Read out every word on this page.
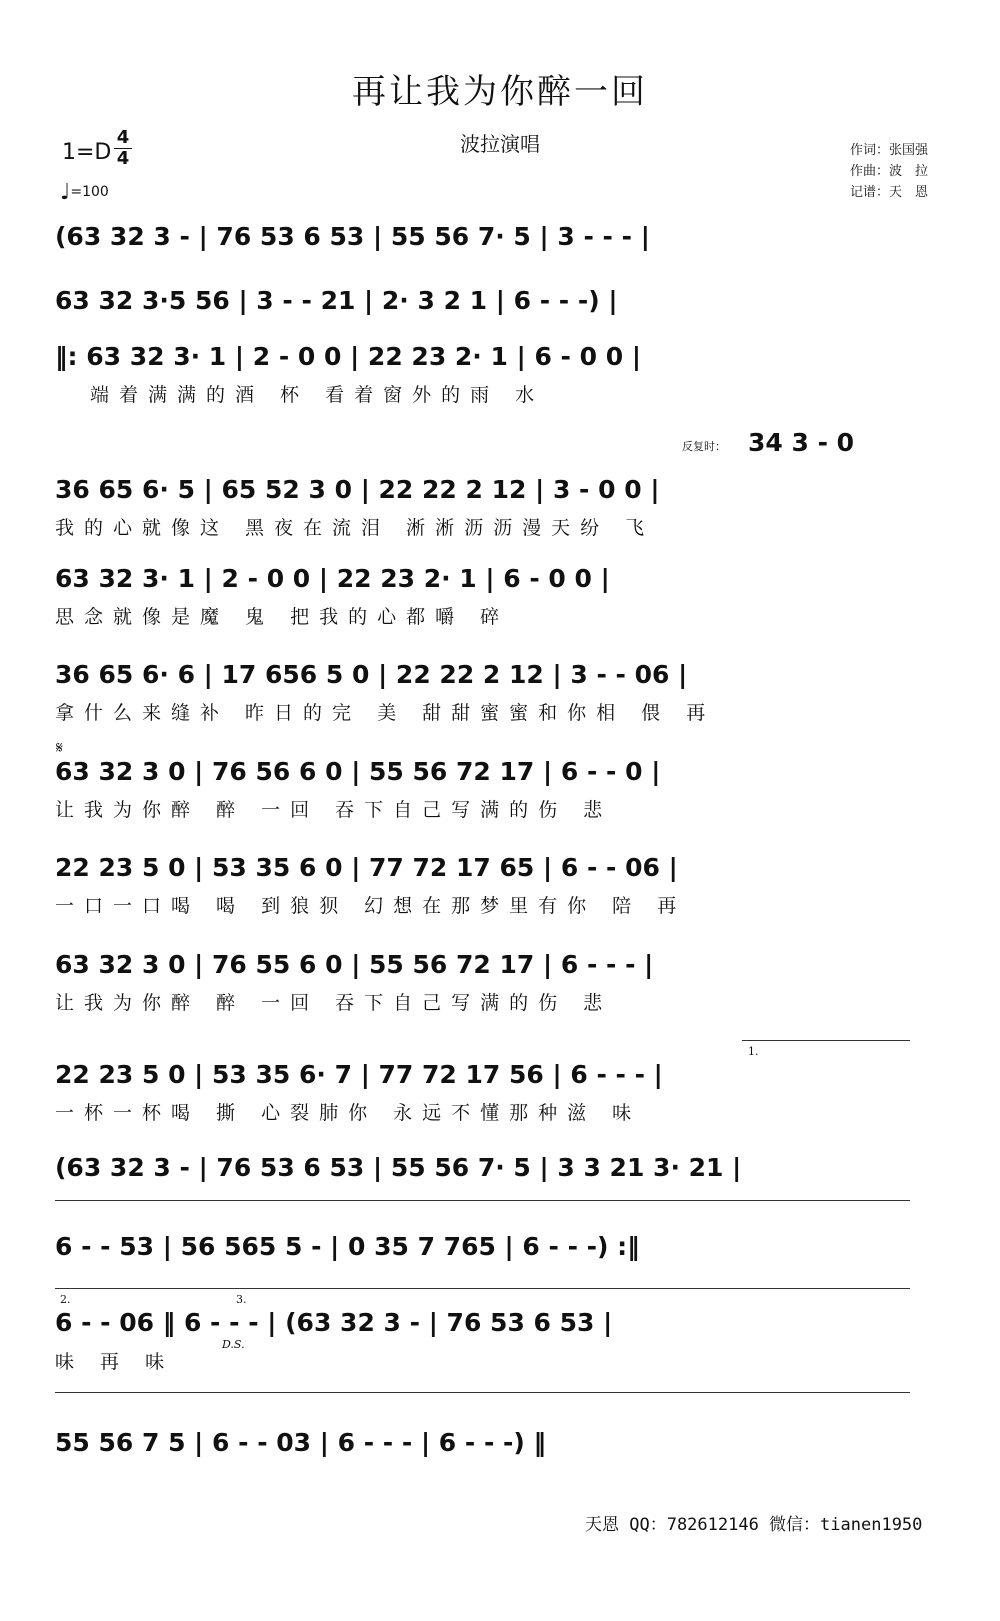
再让我为你醉一回
波拉演唱
$1=D \frac{4}{4}$
♩=100
作词：张国强
作曲：波　拉
记谱：天　恩
(63 32 3 - | 76 53 6 53 | 55 56 7· 5 | 3 - - - |
63 32 3·5 56 | 3 - - 21 | 2· 3 2 1 | 6 - - -) |
‖: 63 32 3· 1 | 2 - 0 0 | 22 23 2· 1 | 6 - 0 0 |
端着满满的酒 杯 看着窗外的雨 水
反复时： 34 3 - 0
36 65 6· 5 | 65 52 3 0 | 22 22 2 12 | 3 - 0 0 |
我的心就像这 黑夜在流泪 淅淅沥沥漫天纷 飞
63 32 3· 1 | 2 - 0 0 | 22 23 2· 1 | 6 - 0 0 |
思念就像是魔 鬼 把我的心都嚼 碎
36 65 6· 6 | 17 656 5 0 | 22 22 2 12 | 3 - - 06 |
拿什么来缝补 昨日的完 美 甜甜蜜蜜和你相 偎 再
𝄋
63 32 3 0 | 76 56 6 0 | 55 56 72 17 | 6 - - 0 |
让我为你醉 醉 一回 吞下自己写满的伤 悲
22 23 5 0 | 53 35 6 0 | 77 72 17 65 | 6 - - 06 |
一口一口喝 喝 到狼狈 幻想在那梦里有你 陪 再
63 32 3 0 | 76 55 6 0 | 55 56 72 17 | 6 - - - |
让我为你醉 醉 一回 吞下自己写满的伤 悲
1.
22 23 5 0 | 53 35 6· 7 | 77 72 17 56 | 6 - - - |
一杯一杯喝 撕 心裂肺你 永远不懂那种滋 味
(63 32 3 - | 76 53 6 53 | 55 56 7· 5 | 3 3 21 3· 21 |
6 - - 53 | 56 565 5 - | 0 35 7 765 | 6 - - -) :‖
2.	3.
6 - - 06 ‖ 6 - - - | (63 32 3 - | 76 53 6 53 |
D.S.
味 再 味
55 56 7 5 | 6 - - 03 | 6 - - - | 6 - - -) ‖
天恩 QQ：782612146 微信：tianen1950
